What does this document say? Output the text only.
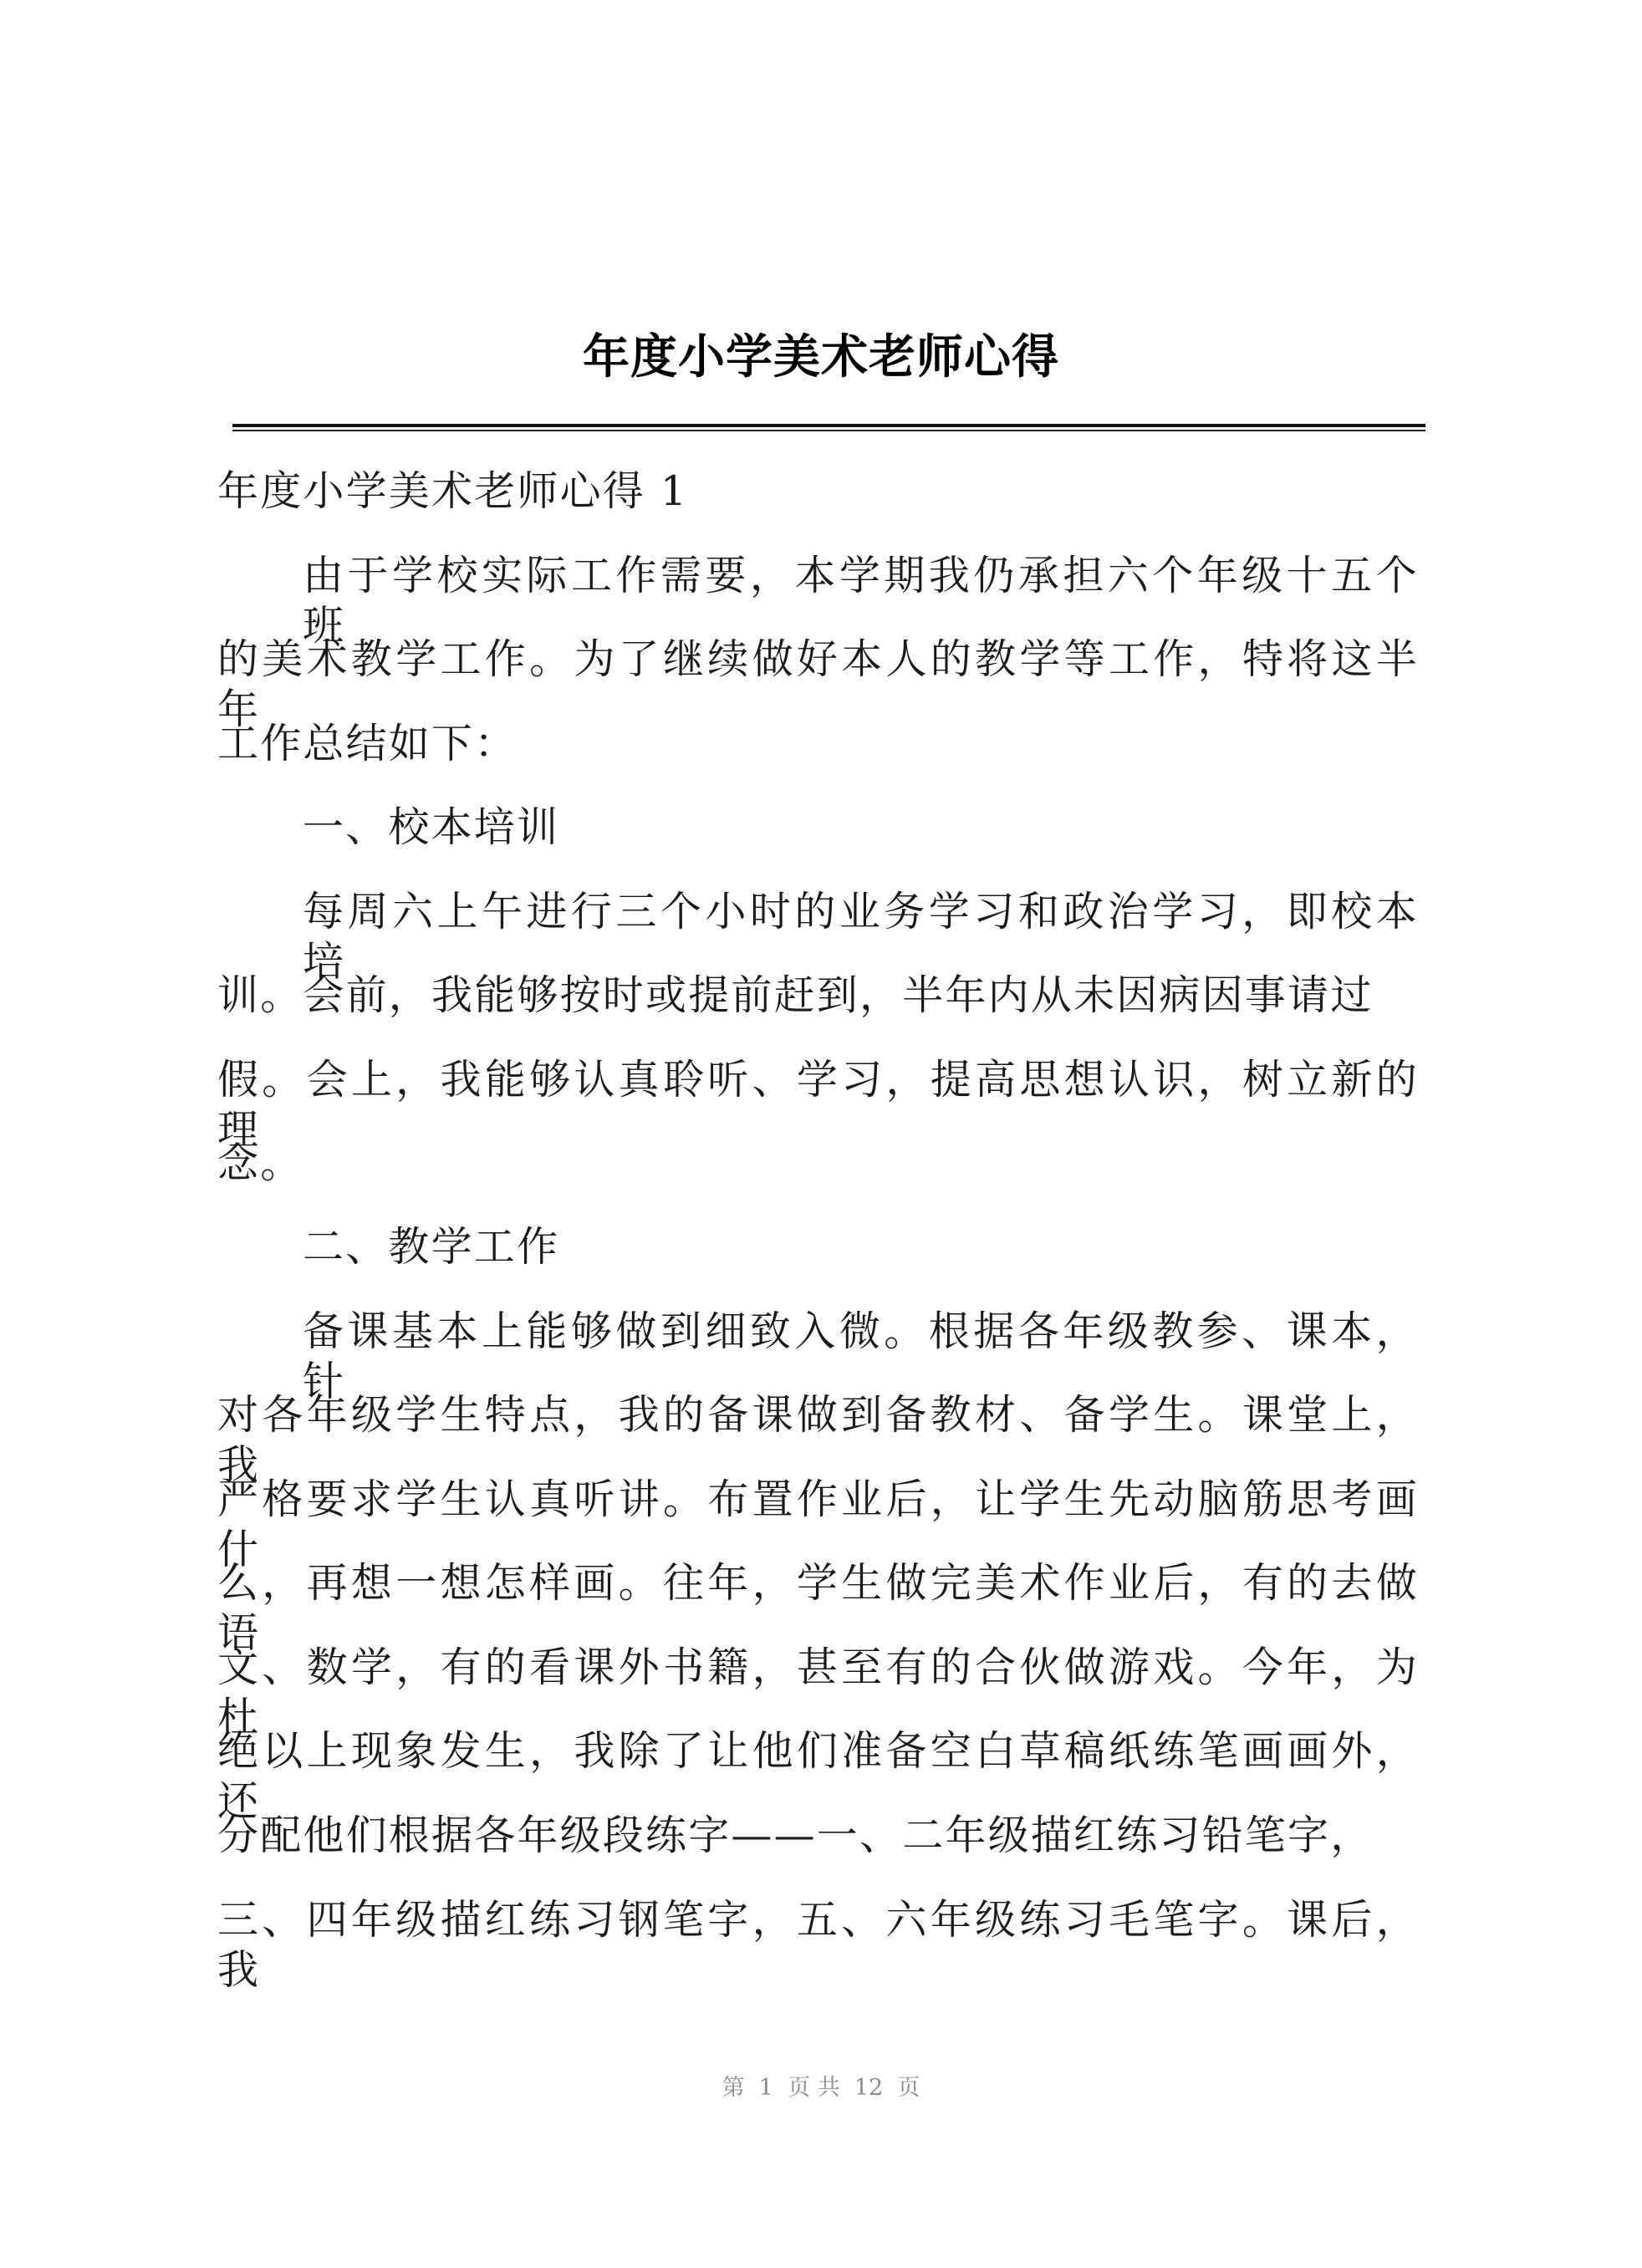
年度小学美术老师心得
年度小学美术老师心得 1
由 于 学 校 实 际 工 作 需 要 ， 本 学 期 我 仍 承 担 六 个 年 级 十 五 个 班
的 美 术 教 学 工 作 。 为 了 继 续 做 好 本 人 的 教 学 等 工 作 ， 特 将 这 半 年
工作总结如下：
一、校本培训
每 周 六 上 午 进 行 三 个 小 时 的 业 务 学 习 和 政 治 学 习 ， 即 校 本 培
训。会前，我能够按时或提前赶到，半年内从未因病因事请过
假 。 会 上 ， 我 能 够 认 真 聆 听 、 学 习 ， 提 高 思 想 认 识 ， 树 立 新 的 理
念。
二、教学工作
备 课 基 本 上 能 够 做 到 细 致 入 微 。 根 据 各 年 级 教 参 、 课 本 ， 针
对 各 年 级 学 生 特 点 ， 我 的 备 课 做 到 备 教 材 、 备 学 生 。 课 堂 上 ， 我
严 格 要 求 学 生 认 真 听 讲 。 布 置 作 业 后 ， 让 学 生 先 动 脑 筋 思 考 画 什
么 ， 再 想 一 想 怎 样 画 。 往 年 ， 学 生 做 完 美 术 作 业 后 ， 有 的 去 做 语
文 、 数 学 ， 有 的 看 课 外 书 籍 ， 甚 至 有 的 合 伙 做 游 戏 。 今 年 ， 为 杜
绝 以 上 现 象 发 生 ， 我 除 了 让 他 们 准 备 空 白 草 稿 纸 练 笔 画 画 外 ， 还
分配他们根据各年级段练字——一、二年级描红练习铅笔字，
三 、 四 年 级 描 红 练 习 钢 笔 字 ， 五 、 六 年 级 练 习 毛 笔 字 。 课 后 ， 我
第  1  页 共  12  页
